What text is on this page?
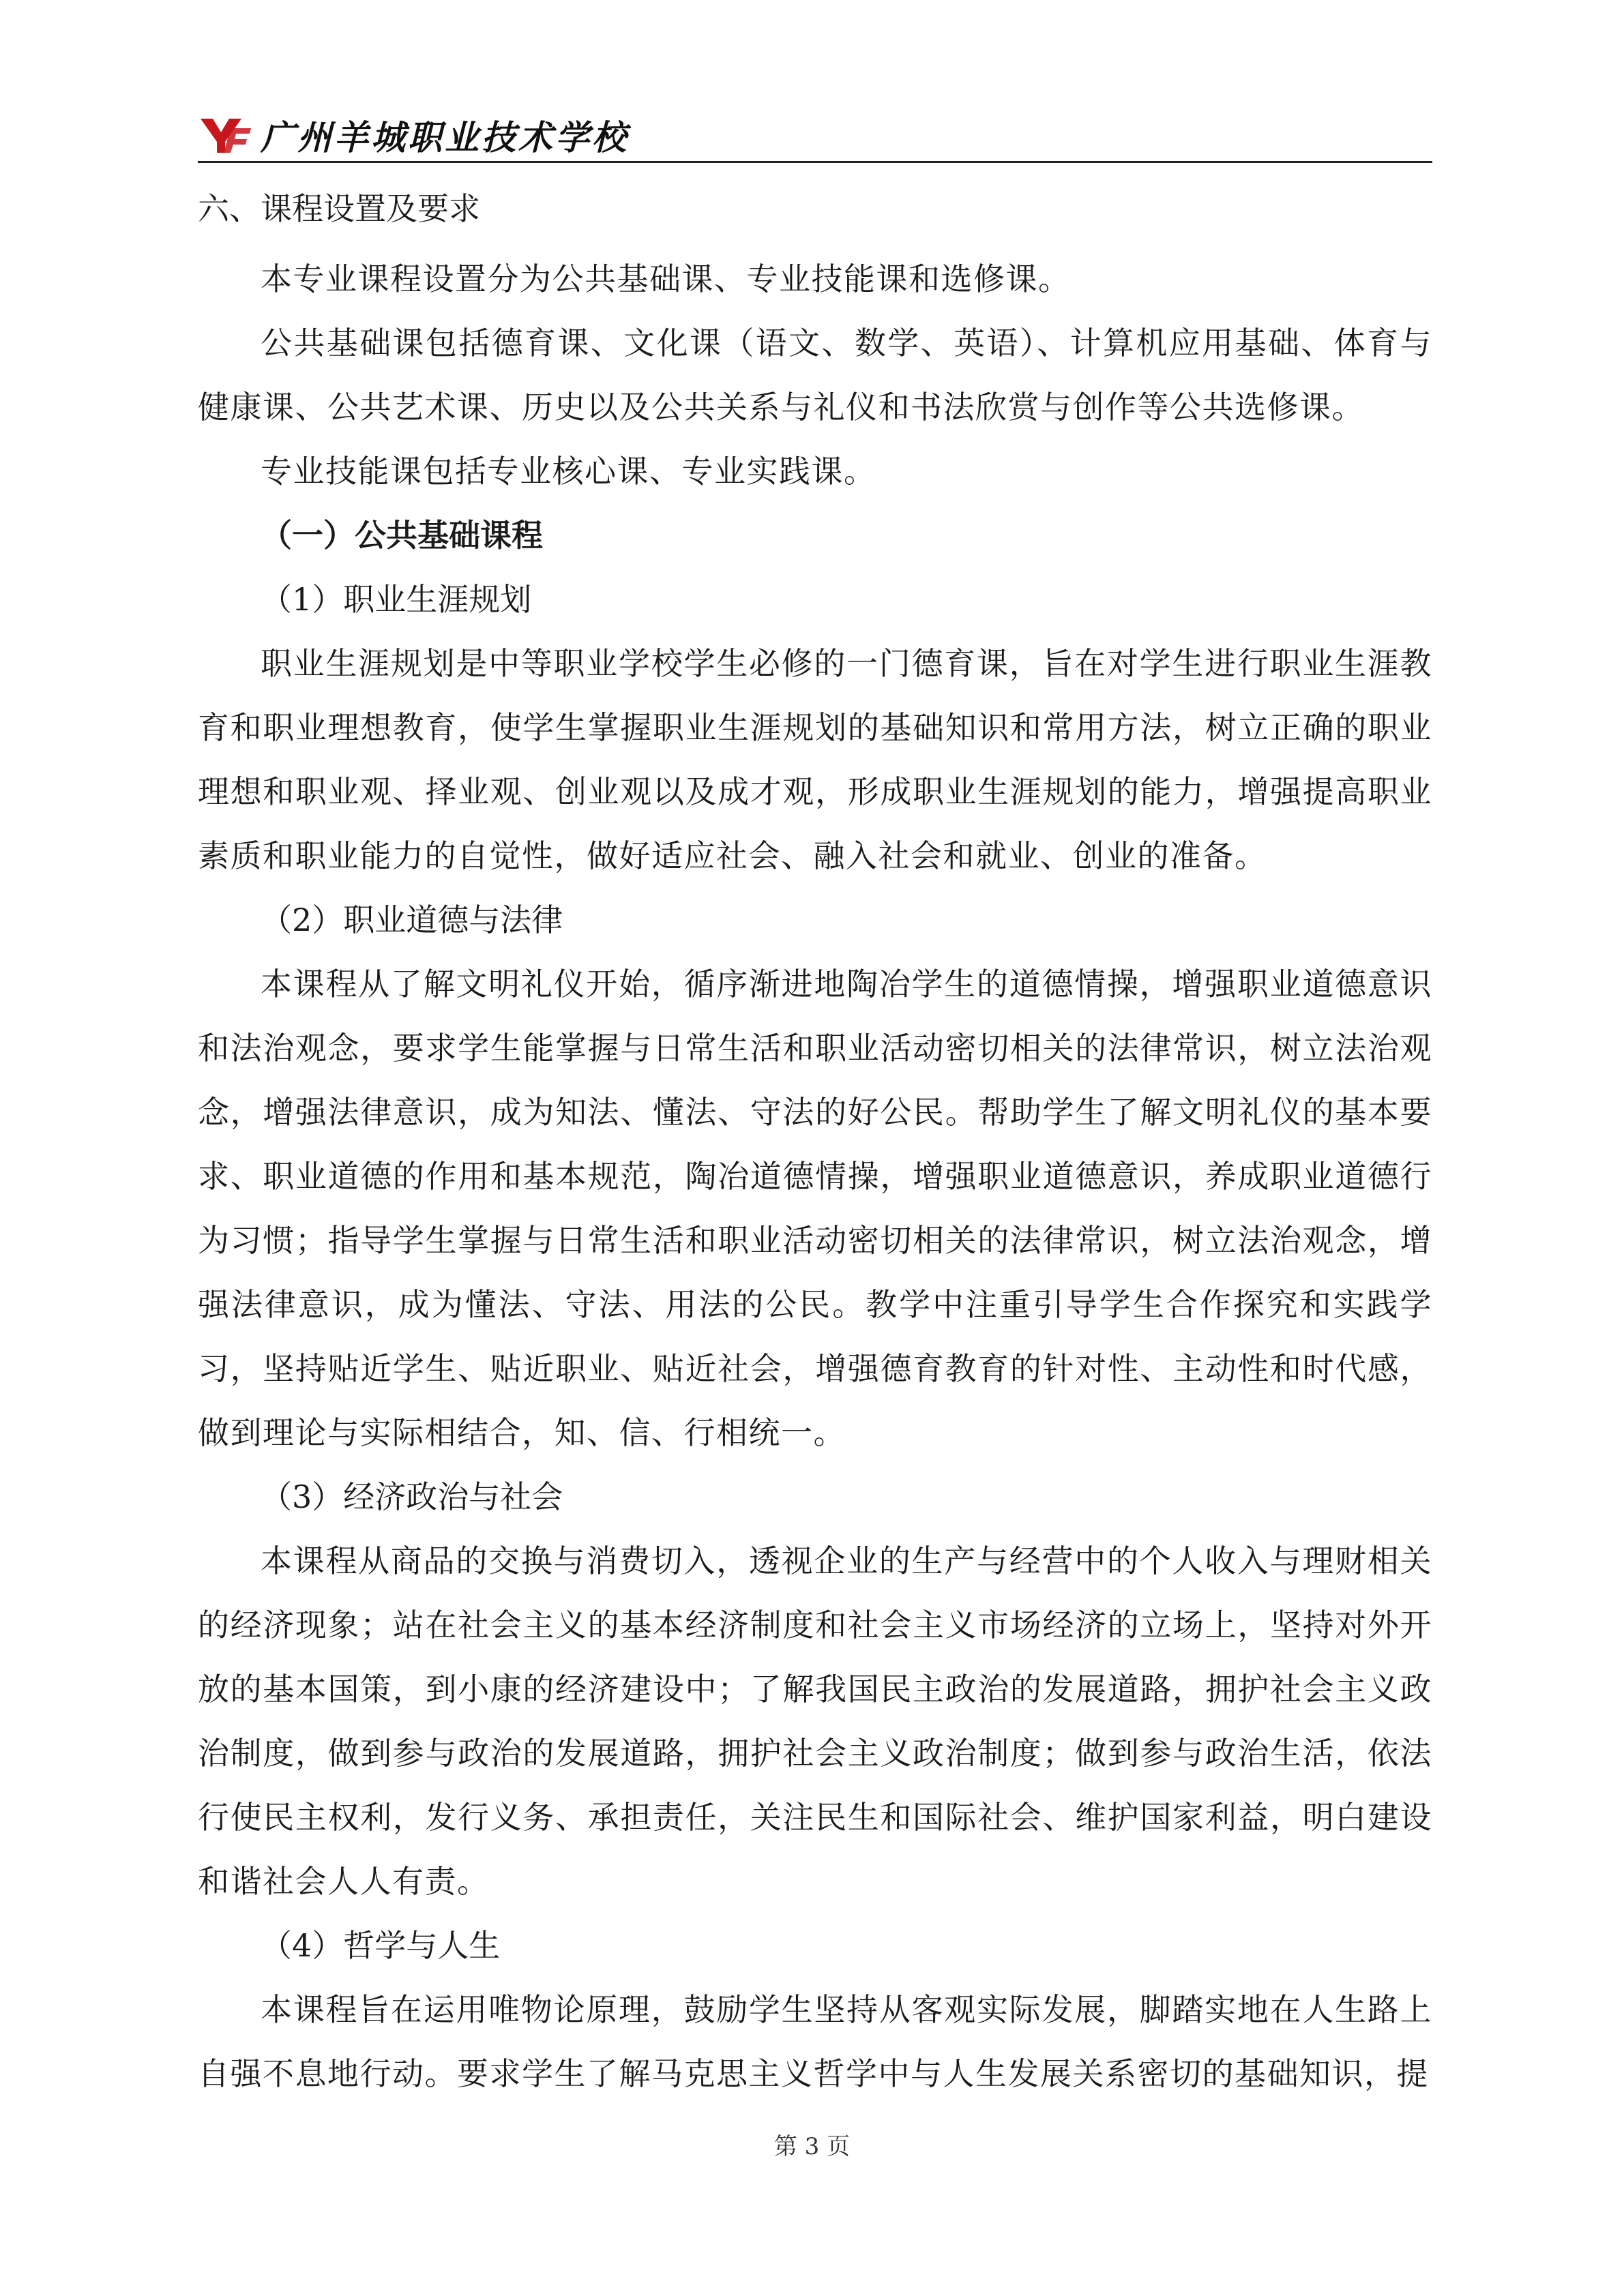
广州羊城职业技术学校
六、课程设置及要求

本专业课程设置分为公共基础课、专业技能课和选修课。

公共基础课包括德育课、文化课（语文、数学、英语）、计算机应用基础、体育与健康课、公共艺术课、历史以及公共关系与礼仪和书法欣赏与创作等公共选修课。

专业技能课包括专业核心课、专业实践课。

（一）公共基础课程
（1）职业生涯规划

职业生涯规划是中等职业学校学生必修的一门德育课，旨在对学生进行职业生涯教育和职业理想教育，使学生掌握职业生涯规划的基础知识和常用方法，树立正确的职业理想和职业观、择业观、创业观以及成才观，形成职业生涯规划的能力，增强提高职业素质和职业能力的自觉性，做好适应社会、融入社会和就业、创业的准备。

（2）职业道德与法律

本课程从了解文明礼仪开始，循序渐进地陶冶学生的道德情操，增强职业道德意识和法治观念，要求学生能掌握与日常生活和职业活动密切相关的法律常识，树立法治观念，增强法律意识，成为知法、懂法、守法的好公民。帮助学生了解文明礼仪的基本要求、职业道德的作用和基本规范，陶冶道德情操，增强职业道德意识，养成职业道德行为习惯；指导学生掌握与日常生活和职业活动密切相关的法律常识，树立法治观念，增强法律意识，成为懂法、守法、用法的公民。教学中注重引导学生合作探究和实践学习，坚持贴近学生、贴近职业、贴近社会，增强德育教育的针对性、主动性和时代感，做到理论与实际相结合，知、信、行相统一。

（3）经济政治与社会

本课程从商品的交换与消费切入，透视企业的生产与经营中的个人收入与理财相关的经济现象；站在社会主义的基本经济制度和社会主义市场经济的立场上，坚持对外开放的基本国策，到小康的经济建设中；了解我国民主政治的发展道路，拥护社会主义政治制度，做到参与政治的发展道路，拥护社会主义政治制度；做到参与政治生活，依法行使民主权利，发行义务、承担责任，关注民生和国际社会、维护国家利益，明白建设和谐社会人人有责。

（4）哲学与人生

本课程旨在运用唯物论原理，鼓励学生坚持从客观实际发展，脚踏实地在人生路上自强不息地行动。要求学生了解马克思主义哲学中与人生发展关系密切的基础知识，提

第 3 页
